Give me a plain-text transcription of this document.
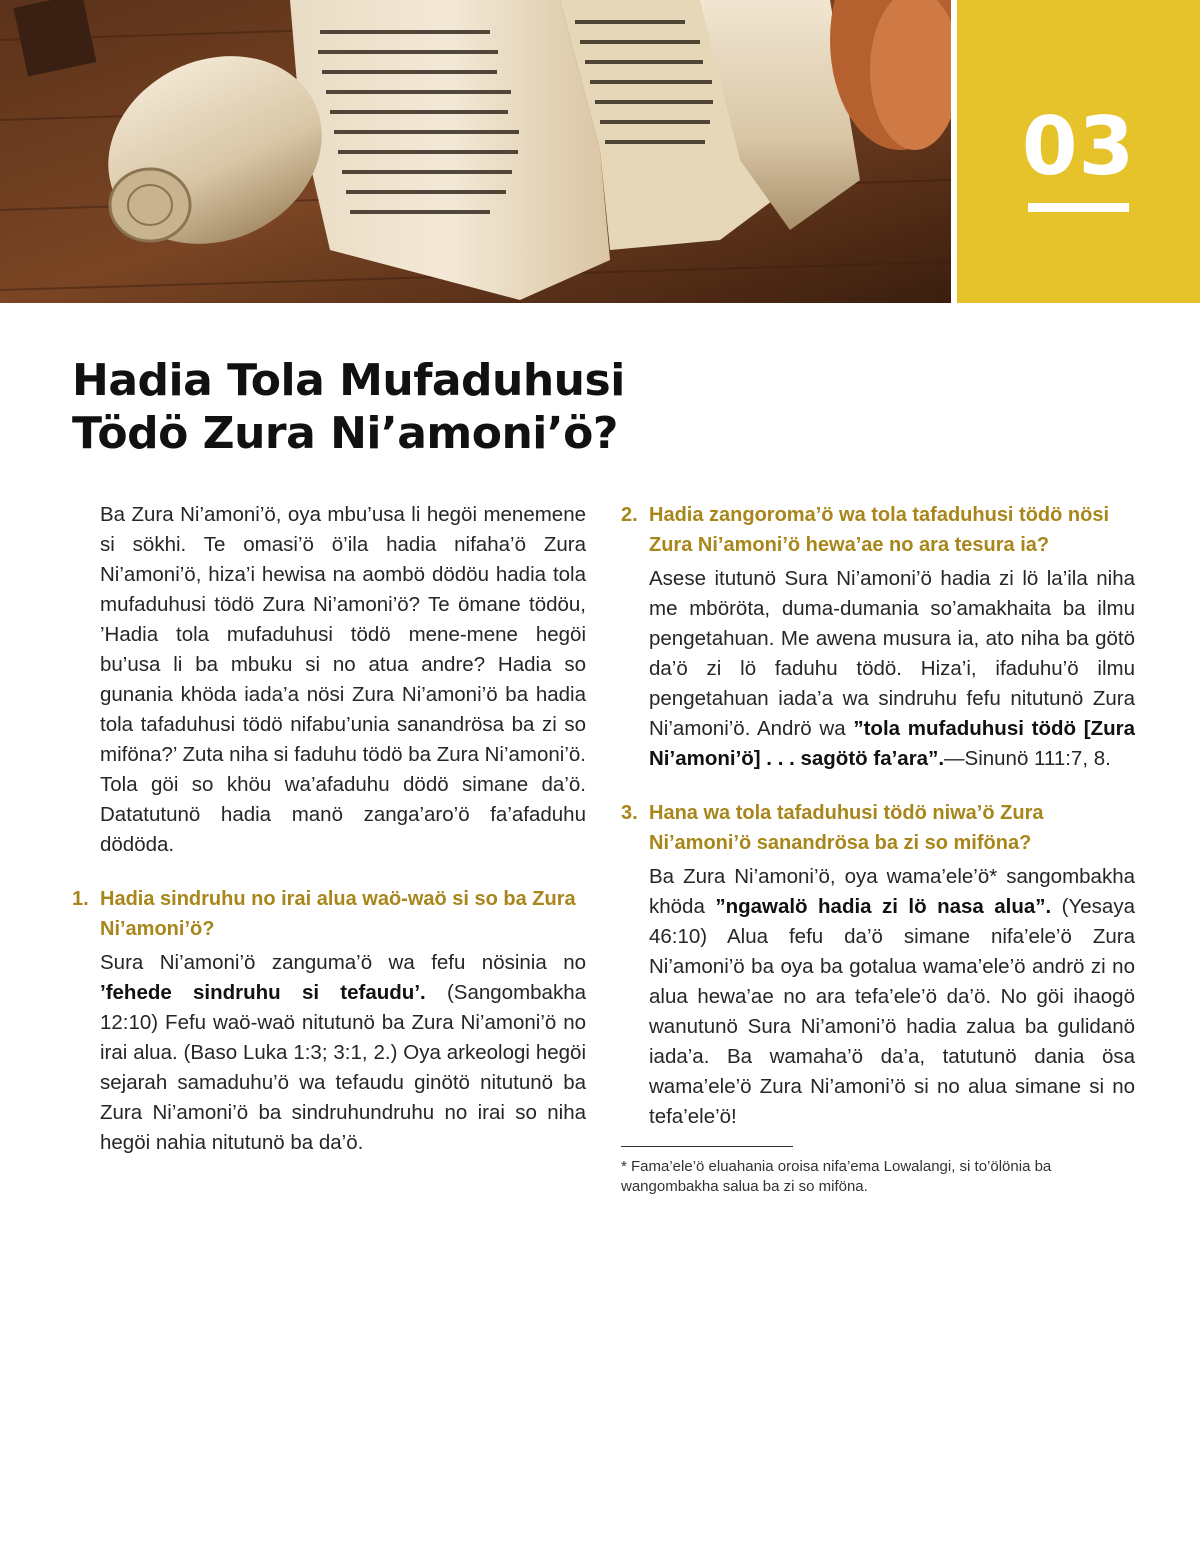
03
Hadia Tola Mufaduhusi
Tödö Zura Ni’amoni’ö?

Ba Zura Ni’amoni’ö, oya mbu’usa li hegöi menemene si sökhi. Te omasi’ö ö’ila hadia nifaha’ö Zura Ni’amoni’ö, hiza’i hewisa na aombö dödöu hadia tola mufaduhusi tödö Zura Ni’amoni’ö? Te ömane tödöu, ’Hadia tola mufaduhusi tödö mene-mene hegöi bu’usa li ba mbuku si no atua andre? Hadia so gunania khöda iada’a nösi Zura Ni’amoni’ö ba hadia tola tafaduhusi tödö nifabu’unia sanandrösa ba zi so miföna?’ Zuta niha si faduhu tödö ba Zura Ni’amoni’ö. Tola göi so khöu wa’afaduhu dödö simane da’ö. Datatutunö hadia manö zanga’aro’ö fa’afaduhu dödöda.

1. Hadia sindruhu no irai alua waö-waö si so ba Zura Ni’amoni’ö?

Sura Ni’amoni’ö zanguma’ö wa fefu nösinia no ’fehede sindruhu si tefaudu’. (Sangombakha 12:10) Fefu waö-waö nitutunö ba Zura Ni’amoni’ö no irai alua. (Baso Luka 1:3; 3:1, 2.) Oya arkeologi hegöi sejarah samaduhu’ö wa tefaudu ginötö nitutunö ba Zura Ni’amoni’ö ba sindruhundruhu no irai so niha hegöi nahia nitutunö ba da’ö.

2. Hadia zangoroma’ö wa tola tafaduhusi tödö nösi Zura Ni’amoni’ö hewa’ae no ara tesura ia?

Asese itutunö Sura Ni’amoni’ö hadia zi lö la’ila niha me mböröta, duma-dumania so’amakhaita ba ilmu pengetahuan. Me awena musura ia, ato niha ba götö da’ö zi lö faduhu tödö. Hiza’i, ifaduhu’ö ilmu pengetahuan iada’a wa sindruhu fefu nitutunö Zura Ni’amoni’ö. Andrö wa ”tola mufaduhusi tödö [Zura Ni’amoni’ö] . . . sagötö fa’ara”.—Sinunö 111:7, 8.

3. Hana wa tola tafaduhusi tödö niwa’ö Zura Ni’amoni’ö sanandrösa ba zi so miföna?

Ba Zura Ni’amoni’ö, oya wama’ele’ö* sangombakha khöda ”ngawalö hadia zi lö nasa alua”. (Yesaya 46:10) Alua fefu da’ö simane nifa’ele’ö Zura Ni’amoni’ö ba oya ba gotalua wama’ele’ö andrö zi no alua hewa’ae no ara tefa’ele’ö da’ö. No göi ihaogö wanutunö Sura Ni’amoni’ö hadia zalua ba gulidanö iada’a. Ba wamaha’ö da’a, tatutunö dania ösa wama’ele’ö Zura Ni’amoni’ö si no alua simane si no tefa’ele’ö!

* Fama’ele’ö eluahania oroisa nifa’ema Lowalangi, si to’ölönia ba wangombakha salua ba zi so miföna.
